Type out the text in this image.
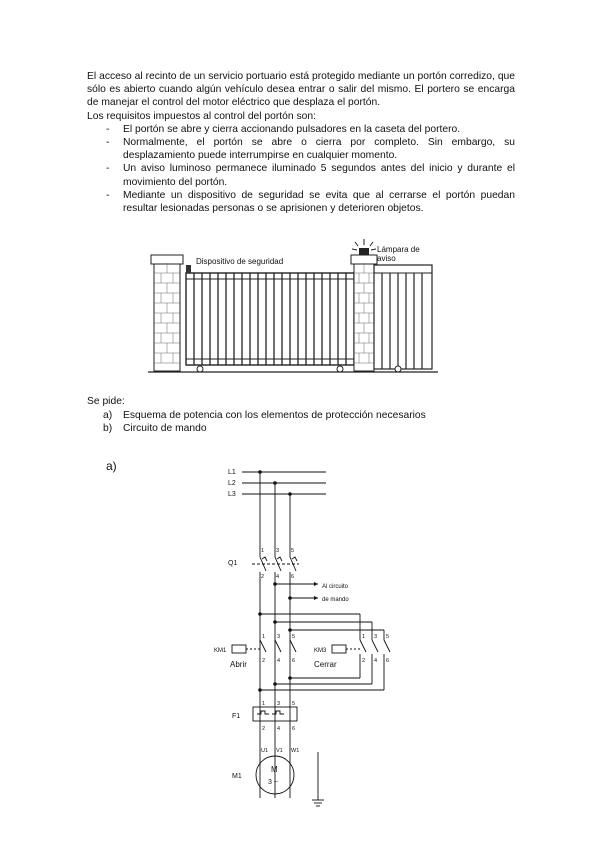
El acceso al recinto de un servicio portuario está protegido mediante un portón corredizo, que sólo es abierto cuando algún vehículo desea entrar o salir del mismo. El portero se encarga de manejar el control del motor eléctrico que desplaza el portón.

Los requisitos impuestos al control del portón son:

- El portón se abre y cierra accionando pulsadores en la caseta del portero.
- Normalmente, el portón se abre o cierra por completo. Sin embargo, su desplazamiento puede interrumpirse en cualquier momento.
- Un aviso luminoso permanece iluminado 5 segundos antes del inicio y durante el movimiento del portón.
- Mediante un dispositivo de seguridad se evita que al cerrarse el portón puedan resultar lesionadas personas o se aprisionen y deterioren objetos.
Dispositivo de seguridad
Lámpara de
aviso

Se pide:

a) Esquema de potencia con los elementos de protección necesarios
b) Circuito de mando
a)	L1
L2
L3
Q1
1 3 5
2 4 6
Al circuito
de mando
KM1
1 3 5
2 4 6
Abrir
KM3
1 3 5
2 4 6
Cerrar
F1
1 3 5
2 4 6
U1 V1 W1
M1
M
3 ~
